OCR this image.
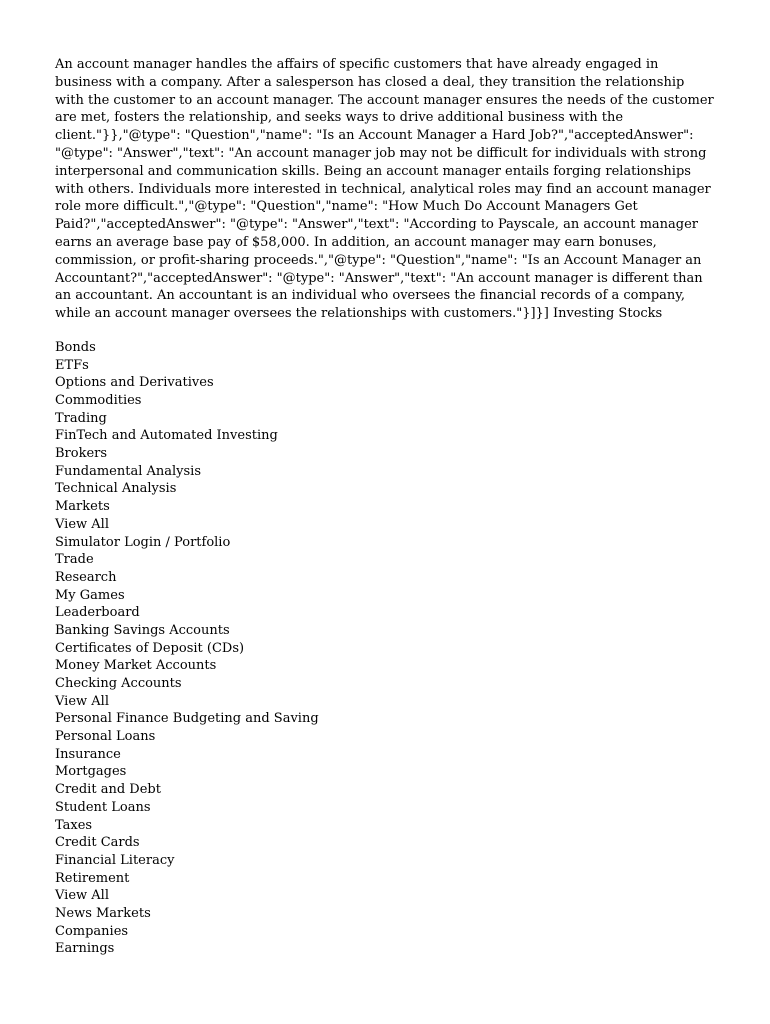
An account manager handles the affairs of specific customers that have already engaged in business with a company. After a salesperson has closed a deal, they transition the relationship with the customer to an account manager. The account manager ensures the needs of the customer are met, fosters the relationship, and seeks ways to drive additional business with the client."}},"@type": "Question","name": "Is an Account Manager a Hard Job?","acceptedAnswer": "@type": "Answer","text": "An account manager job may not be difficult for individuals with strong interpersonal and communication skills. Being an account manager entails forging relationships with others. Individuals more interested in technical, analytical roles may find an account manager role more difficult.","@type": "Question","name": "How Much Do Account Managers Get Paid?","acceptedAnswer": "@type": "Answer","text": "According to Payscale, an account manager earns an average base pay of $58,000. In addition, an account manager may earn bonuses, commission, or profit-sharing proceeds.","@type": "Question","name": "Is an Account Manager an Accountant?","acceptedAnswer": "@type": "Answer","text": "An account manager is different than an accountant. An accountant is an individual who oversees the financial records of a company, while an account manager oversees the relationships with customers."}]}] Investing Stocks

Bonds
ETFs
Options and Derivatives
Commodities
Trading
FinTech and Automated Investing
Brokers
Fundamental Analysis
Technical Analysis
Markets
View All
Simulator Login / Portfolio
Trade
Research
My Games
Leaderboard
Banking Savings Accounts
Certificates of Deposit (CDs)
Money Market Accounts
Checking Accounts
View All
Personal Finance Budgeting and Saving
Personal Loans
Insurance
Mortgages
Credit and Debt
Student Loans
Taxes
Credit Cards
Financial Literacy
Retirement
View All
News Markets
Companies
Earnings
